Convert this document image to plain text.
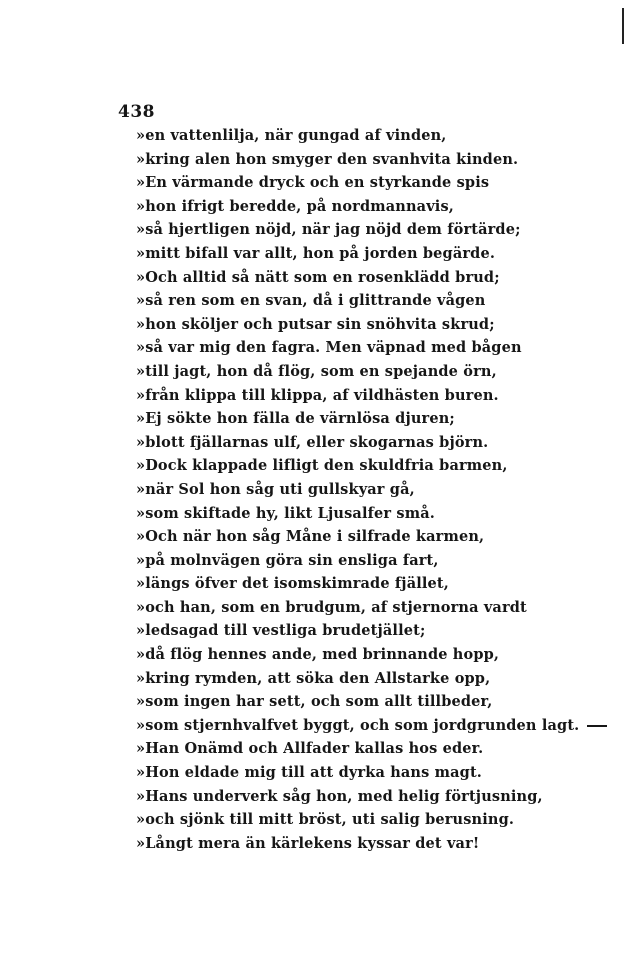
438
»en vattenlilja, när gungad af vinden,
»kring alen hon smyger den svanhvita kinden.
»En värmande dryck och en styrkande spis
»hon ifrigt beredde, på nordmannavis,
»så hjertligen nöjd, när jag nöjd dem förtärde;
»mitt bifall var allt, hon på jorden begärde.
»Och alltid så nätt som en rosenklädd brud;
»så ren som en svan, då i glittrande vågen
»hon sköljer och putsar sin snöhvita skrud;
»så var mig den fagra. Men väpnad med bågen
»till jagt, hon då flög, som en spejande örn,
»från klippa till klippa, af vildhästen buren.
»Ej sökte hon fälla de värnlösa djuren;
»blott fjällarnas ulf, eller skogarnas björn.
»Dock klappade lifligt den skuldfria barmen,
»när Sol hon såg uti gullskyar gå,
»som skiftade hy, likt Ljusalfer små.
»Och när hon såg Måne i silfrade karmen,
»på molnvägen göra sin ensliga fart,
»längs öfver det isomskimrade fjället,
»och han, som en brudgum, af stjernorna vardt
»ledsagad till vestliga brudetjället;
»då flög hennes ande, med brinnande hopp,
»kring rymden, att söka den Allstarke opp,
»som ingen har sett, och som allt tillbeder,
»som stjernhvalfvet byggt, och som jordgrunden lagt.
»Han Onämd och Allfader kallas hos eder.
»Hon eldade mig till att dyrka hans magt.
»Hans underverk såg hon, med helig förtjusning,
»och sjönk till mitt bröst, uti salig berusning.
»Långt mera än kärlekens kyssar det var!
